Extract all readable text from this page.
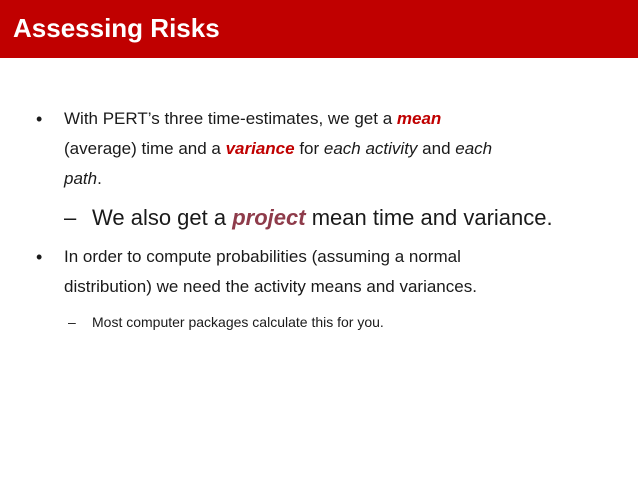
Assessing Risks
• With PERT’s three time-estimates, we get a mean
(average) time and a variance for each activity and each
path.
– We also get a project mean time and variance.
• In order to compute probabilities (assuming a normal
distribution) we need the activity means and variances.
– Most computer packages calculate this for you.
